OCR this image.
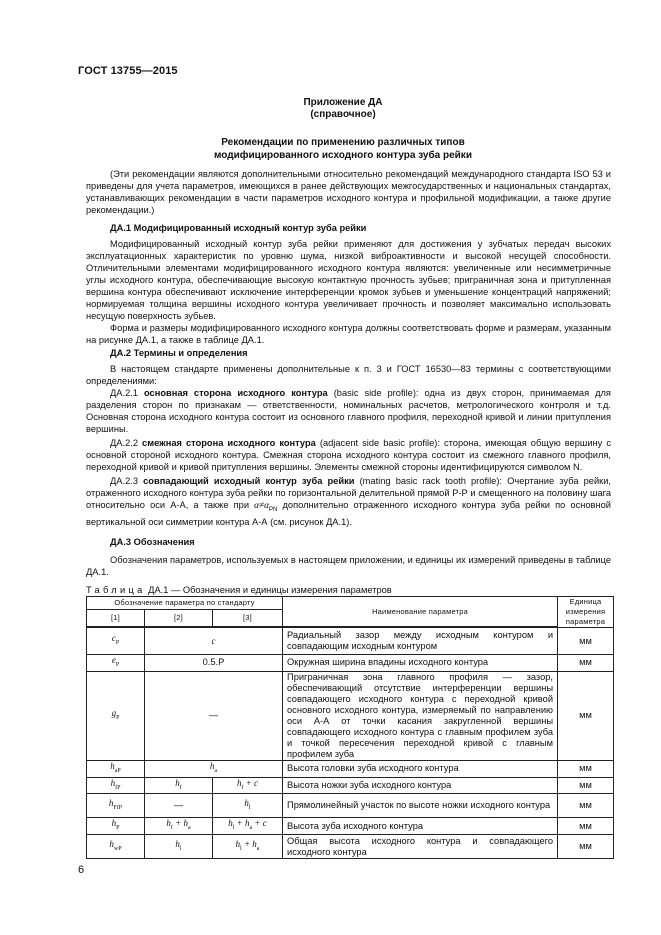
ГОСТ 13755—2015
Приложение ДА
(справочное)
Рекомендации по применению различных типов
модифицированного исходного контура зуба рейки

(Эти рекомендации являются дополнительными относительно рекомендаций международного стандарта ISO 53 и приведены для учета параметров, имеющихся в ранее действующих межгосударственных и национальных стандартах, устанавливающих рекомендации в части параметров исходного контура и профильной модификации, а также другие рекомендации.)

ДА.1 Модифицированный исходный контур зуба рейки

Модифицированный исходный контур зуба рейки применяют для достижения у зубчатых передач высоких эксплуатационных характеристик по уровню шума, низкой виброактивности и высокой несущей способности. Отличительными элементами модифицированного исходного контура являются: увеличенные или несимметричные углы исходного контура, обеспечивающие высокую контактную прочность зубьев; приграничная зона и притупленная вершина контура обеспечивают исключение интерференции кромок зубьев и уменьшение концентраций напряжений; нормируемая толщина вершины исходного контура увеличивает прочность и позволяет максимально использовать несущую поверхность зубьев.

Форма и размеры модифицированного исходного контура должны соответствовать форме и размерам, указанным на рисунке ДА.1, а также в таблице ДА.1.

ДА.2 Термины и определения

В настоящем стандарте применены дополнительные к п. 3 и ГОСТ 16530—83 термины с соответствующими определениями:

ДА.2.1 основная сторона исходного контура (basic side profile): одна из двух сторон, принимаемая для разделения сторон по признакам — ответственности, номинальных расчетов, метрологического контроля и т.д. Основная сторона исходного контура состоит из основного главного профиля, переходной кривой и линии притупления вершины.

ДА.2.2 смежная сторона исходного контура (adjacent side basic profile): сторона, имеющая общую вершину с основной стороной исходного контура. Смежная сторона исходного контура состоит из смежного главного профиля, переходной кривой и кривой притупления вершины. Элементы смежной стороны идентифицируются символом N.

ДА.2.3 совпадающий исходный контур зуба рейки (mating basic rack tooth profile): Очертание зуба рейки, отраженного исходного контура зуба рейки по горизонтальной делительной прямой Р-Р и смещенного на половину шага относительно оси А-А, а также при $\alpha\ne\alpha_{PN}$ дополнительно отраженного исходного контура зуба рейки по основной вертикальной оси симметрии контура А-А (см. рисунок ДА.1).

ДА.3 Обозначения

Обозначения параметров, используемых в настоящем приложении, и единицы их измерений приведены в таблице ДА.1.

Таблица ДА.1 — Обозначения и единицы измерения параметров
Обозначение параметра по стандарту			Наименование параметра	Единица измерения параметра
[1]	[2]	[3]		

$c_P$	c		Радиальный зазор между исходным контуром и совпадающим исходным контуром	мм
$e_P$	0.5.P		Окружная ширина впадины исходного контура	мм
$g_P$	—		Приграничная зона главного профиля — зазор, обеспечивающий отсутствие интерференции вершины совпадающего исходного контура с переходной кривой основного исходного контура, измеряемый по направлению оси А-А от точки касания закругленной вершины совпадающего исходного контура с главным профилем зуба и точкой пересечения переходной кривой с главным профилем зуба	мм
$h_{aP}$	$h_a$		Высота головки зуба исходного контура	мм
$h_{fP}$	$h_f$	$h_f + c$	Высота ножки зуба исходного контура	мм
$h_{FfP}$	—	$h_l$	Прямолинейный участок по высоте ножки исходного контура	мм
$h_P$	$h_f + h_a$	$h_l + h_a + c$	Высота зуба исходного контура	мм
$h_{wP}$	$h_l$	$h_l + h_a$	Общая высота исходного контура и совпадающего исходного контура	мм
6
